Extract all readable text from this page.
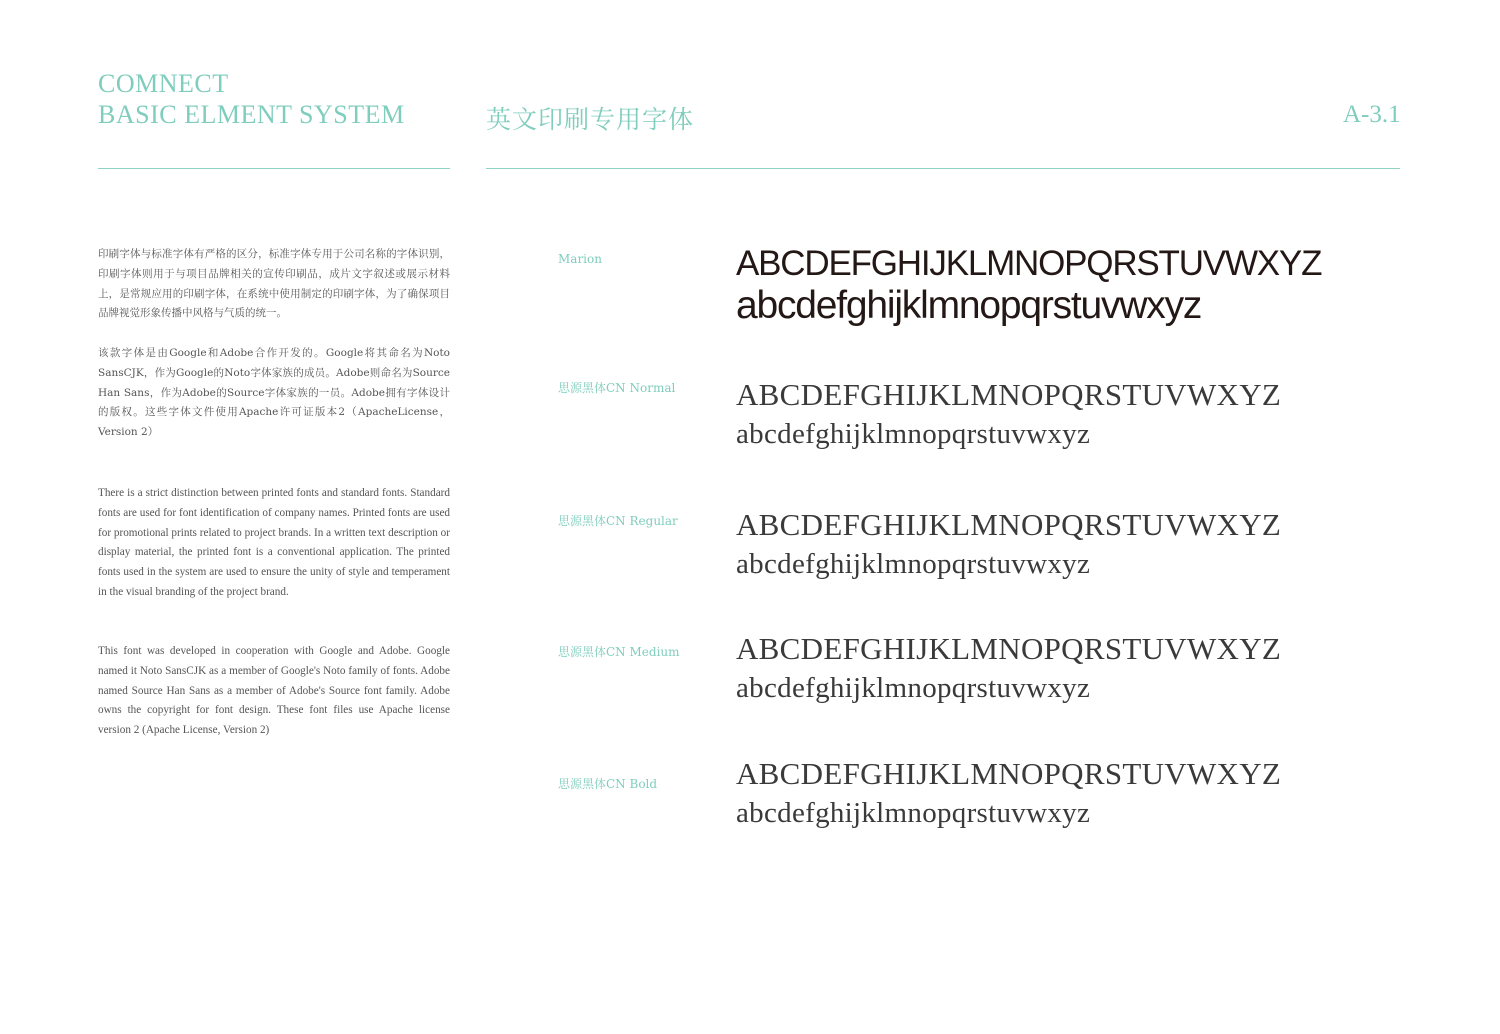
COMNECT
BASIC ELMENT SYSTEM	英文印刷专用字体	A-3.1
印刷字体与标准字体有严格的区分，标准字体专用于公司名称的字体识别，印刷字体则用于与项目品牌相关的宣传印刷品，成片文字叙述或展示材料上，是常规应用的印刷字体，在系统中使用制定的印刷字体，为了确保项目品牌视觉形象传播中风格与气质的统一。
该款字体是由Google和Adobe合作开发的。Google将其命名为Noto SansCJK，作为Google的Noto字体家族的成员。Adobe则命名为Source Han Sans，作为Adobe的Source字体家族的一员。Adobe拥有字体设计的版权。这些字体文件使用Apache许可证版本2（ApacheLicense， Version 2）
There is a strict distinction between printed fonts and standard fonts. Standard fonts are used for font identification of company names. Printed fonts are used for promotional prints related to project brands. In a written text description or display material, the printed font is a conventional application. The printed fonts used in the system are used to ensure the unity of style and temperament in the visual branding of the project brand.
This font was developed in cooperation with Google and Adobe. Google named it Noto SansCJK as a member of Google's Noto family of fonts. Adobe named Source Han Sans as a member of Adobe's Source font family. Adobe owns the copyright for font design. These font files use Apache license version 2 (Apache License, Version 2)
Marion	ABCDEFGHIJKLMNOPQRSTUVWXYZ
abcdefghijklmnopqrstuvwxyz
思源黑体CN Normal ABCDEFGHIJKLMNOPQRSTUVWXYZ
abcdefghijklmnopqrstuvwxyz
思源黑体CN Regular ABCDEFGHIJKLMNOPQRSTUVWXYZ
abcdefghijklmnopqrstuvwxyz
思源黑体CN Medium ABCDEFGHIJKLMNOPQRSTUVWXYZ
abcdefghijklmnopqrstuvwxyz
思源黑体CN Bold	ABCDEFGHIJKLMNOPQRSTUVWXYZ
abcdefghijklmnopqrstuvwxyz
